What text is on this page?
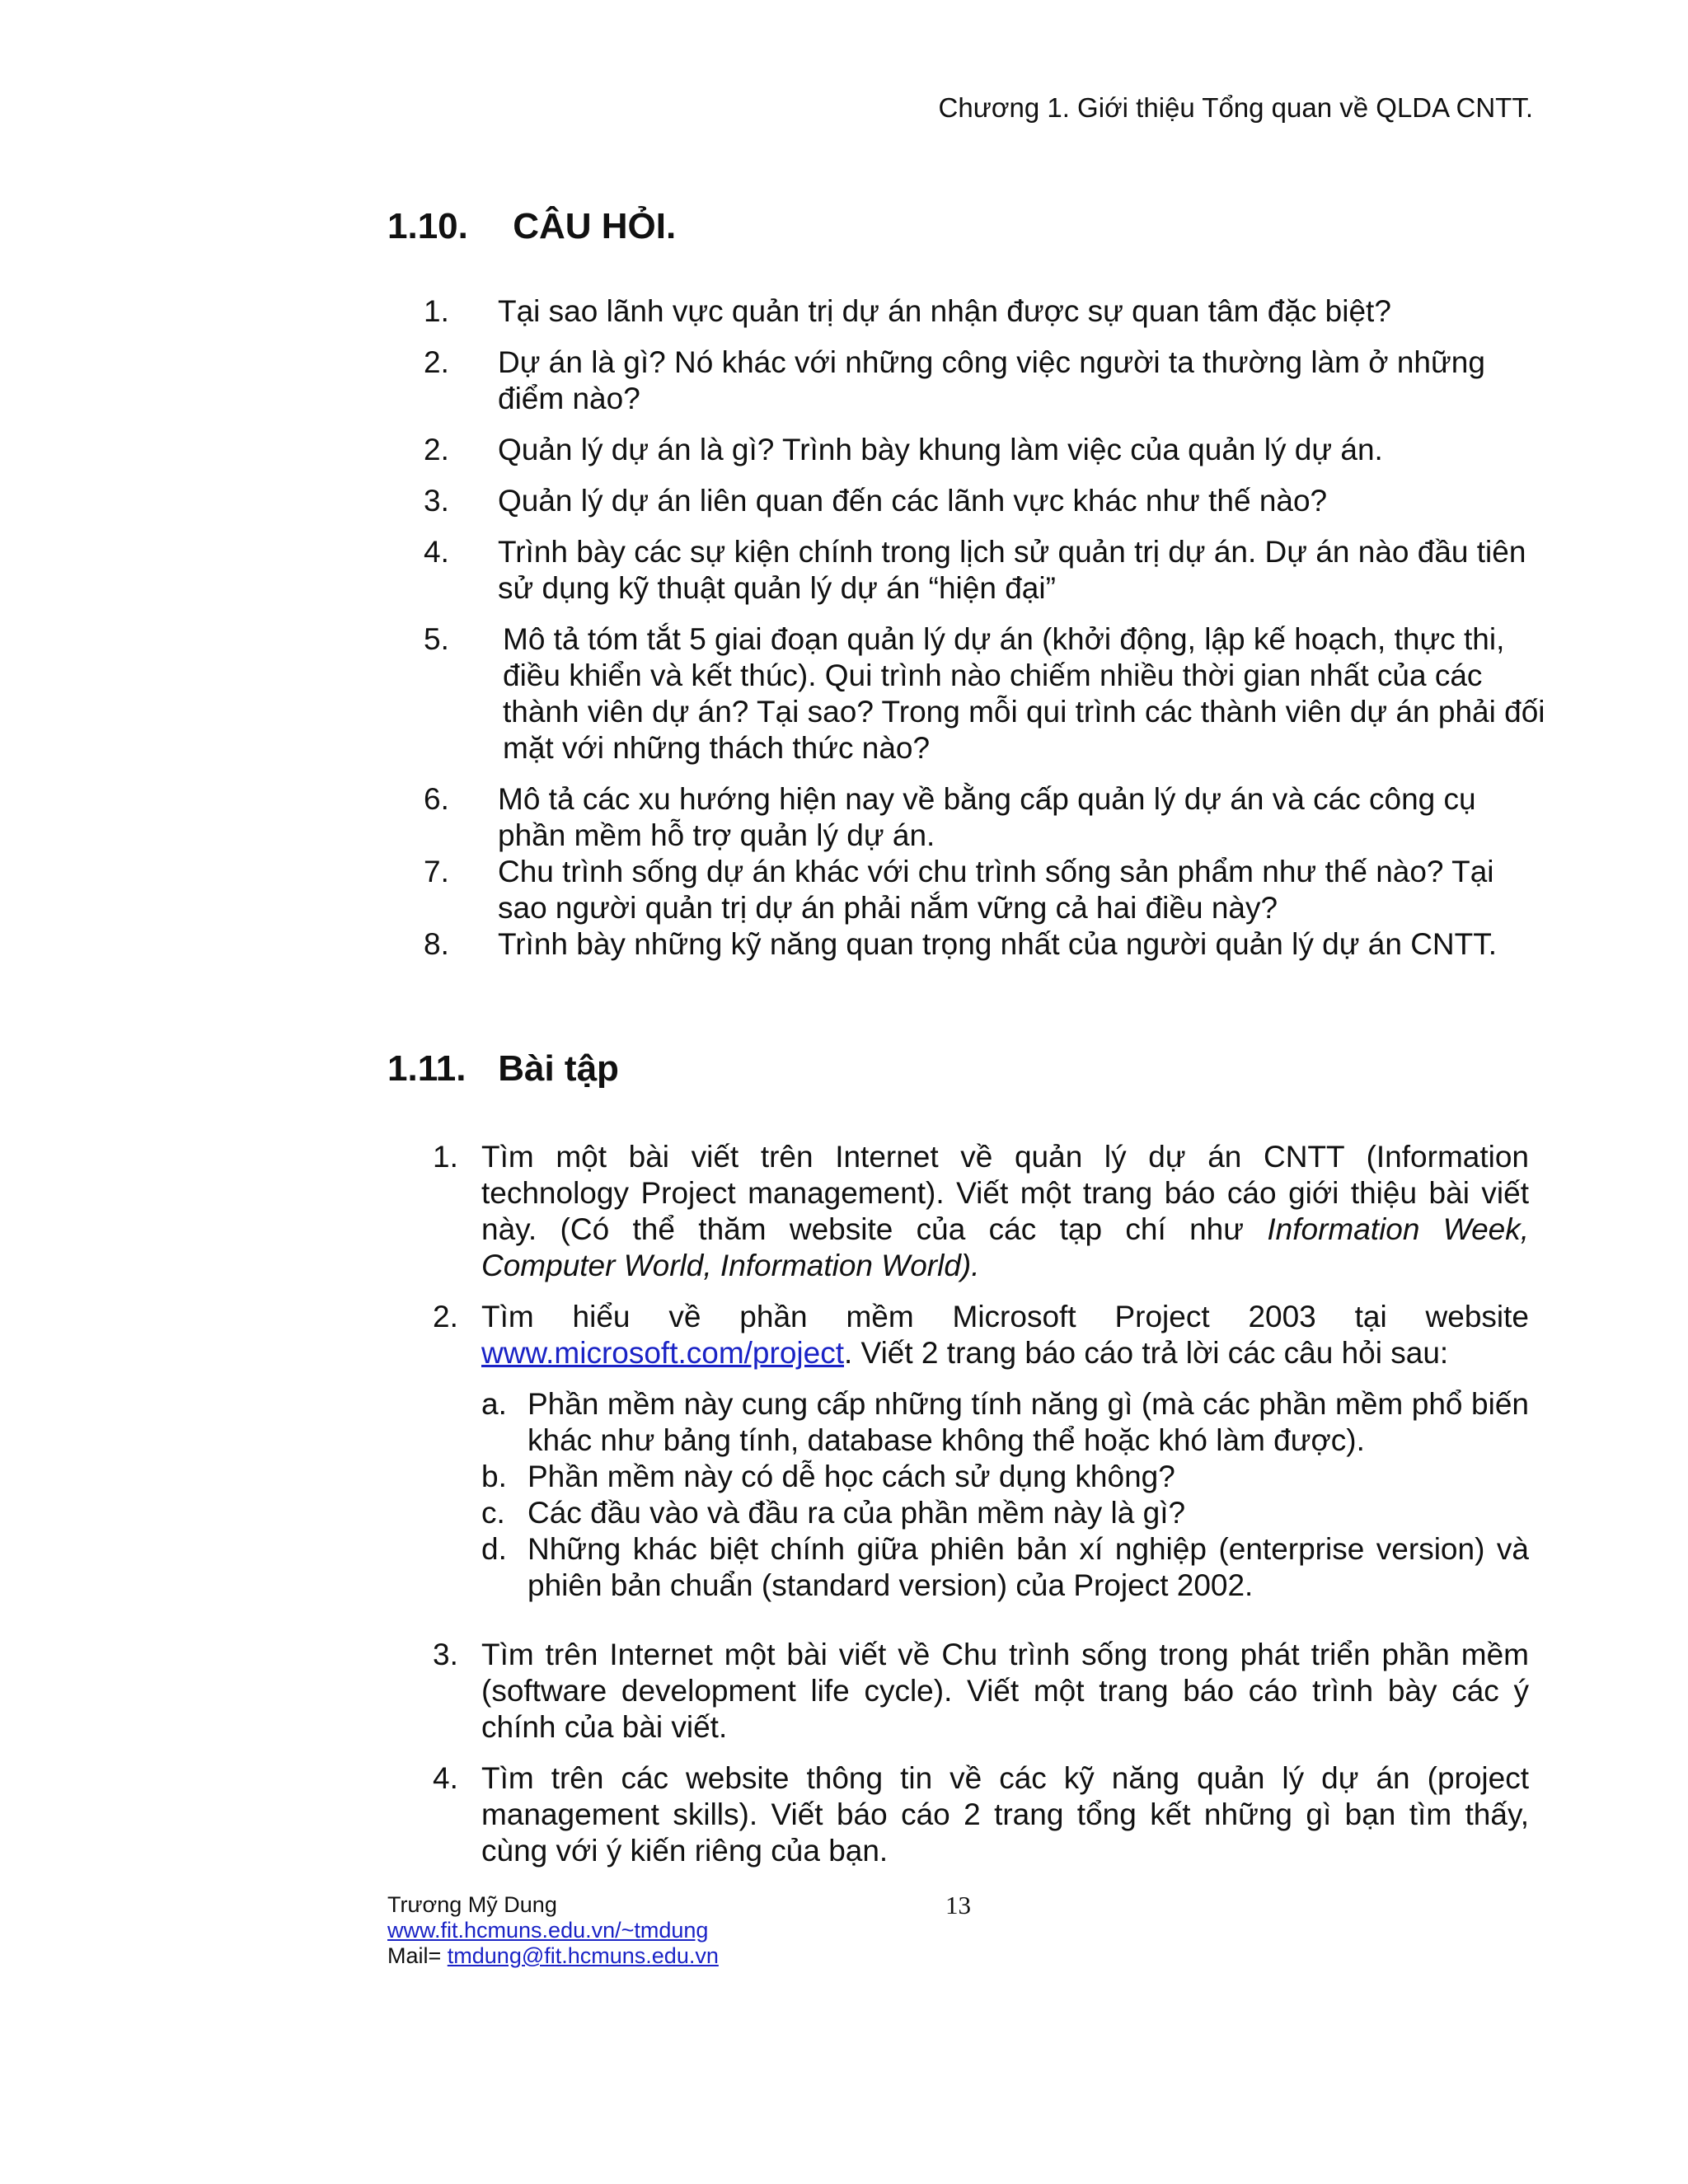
Chương 1. Giới thiệu Tổng quan về QLDA CNTT.
1.10. CÂU HỎI.
1. Tại sao lãnh vực quản trị dự án nhận được sự quan tâm đặc biệt?
2. Dự án là gì? Nó khác với những công việc người ta thường làm ở những điểm nào?
2. Quản lý dự án là gì? Trình bày khung làm việc của quản lý dự án.
3. Quản lý dự án liên quan đến các lãnh vực khác như thế nào?
4. Trình bày các sự kiện chính trong lịch sử quản trị dự án. Dự án nào đầu tiên sử dụng kỹ thuật quản lý dự án “hiện đại”
5. Mô tả tóm tắt 5 giai đoạn quản lý dự án (khởi động, lập kế hoạch, thực thi, điều khiển và kết thúc). Qui trình nào chiếm nhiều thời gian nhất của các thành viên dự án? Tại sao? Trong mỗi qui trình các thành viên dự án phải đối mặt với những thách thức nào?
6. Mô tả các xu hướng hiện nay về bằng cấp quản lý dự án và các công cụ phần mềm hỗ trợ quản lý dự án.
7. Chu trình sống dự án khác với chu trình sống sản phẩm như thế nào? Tại sao người quản trị dự án phải nắm vững cả hai điều này?
8. Trình bày những kỹ năng quan trọng nhất của người quản lý dự án CNTT.
1.11. Bài tập
1. Tìm một bài viết trên Internet về quản lý dự án CNTT (Information
technology Project management). Viết một trang báo cáo giới thiệu bài viết
này. (Có thể thăm website của các tạp chí như Information Week,
Computer World, Information World).
2. Tìm hiểu về phần mềm Microsoft Project 2003 tại website
www.microsoft.com/project. Viết 2 trang báo cáo trả lời các câu hỏi sau:
a. Phần mềm này cung cấp những tính năng gì (mà các phần mềm phổ biến khác như bảng tính, database không thể hoặc khó làm được).
b. Phần mềm này có dễ học cách sử dụng không?
c. Các đầu vào và đầu ra của phần mềm này là gì?
d. Những khác biệt chính giữa phiên bản xí nghiệp (enterprise version) và phiên bản chuẩn (standard version) của Project 2002.
3. Tìm trên Internet một bài viết về Chu trình sống trong phát triển phần mềm (software development life cycle). Viết một trang báo cáo trình bày các ý chính của bài viết.
4. Tìm trên các website thông tin về các kỹ năng quản lý dự án (project management skills). Viết báo cáo 2 trang tổng kết những gì bạn tìm thấy, cùng với ý kiến riêng của bạn.
Trương Mỹ Dung
www.fit.hcmuns.edu.vn/~tmdung
Mail= tmdung@fit.hcmuns.edu.vn
13
